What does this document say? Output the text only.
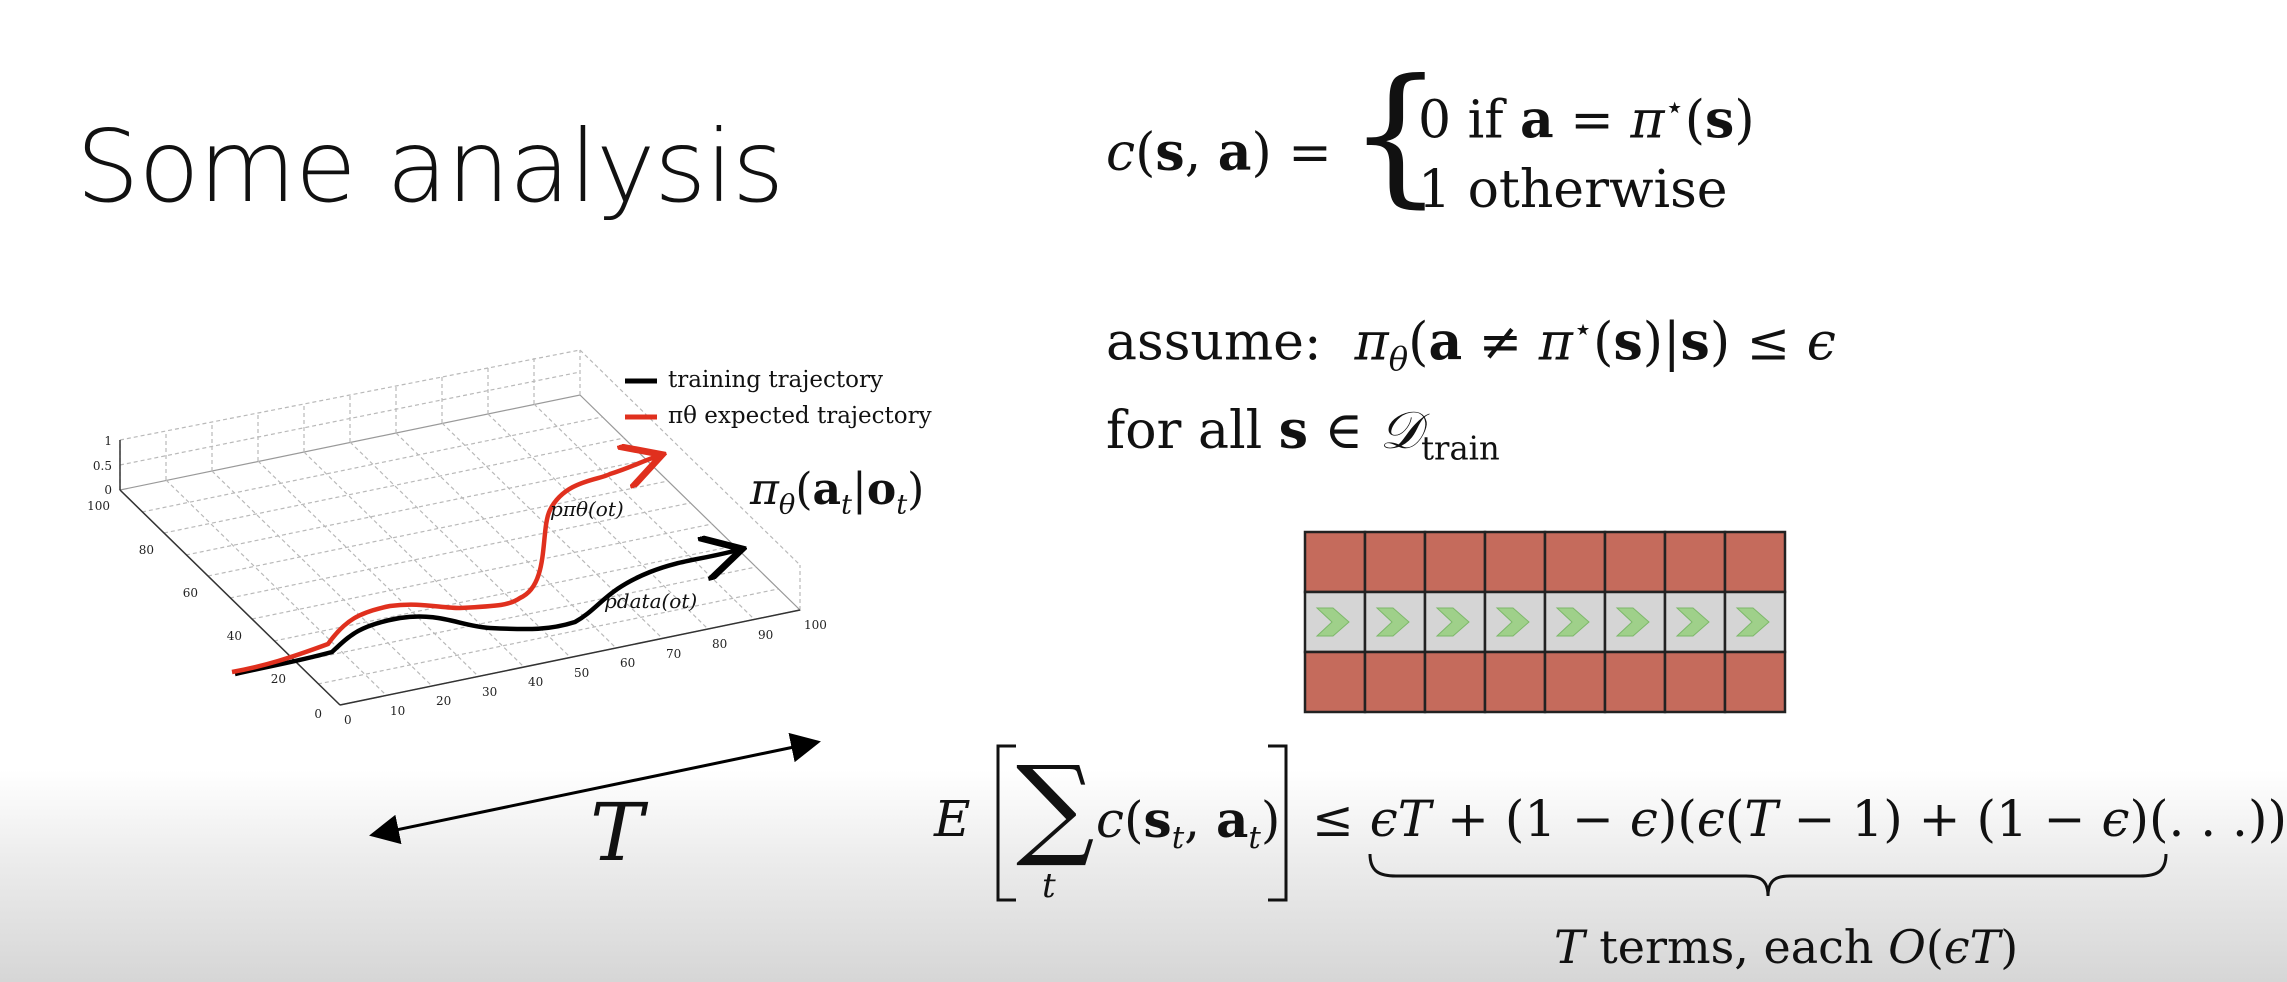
Some analysis	c(s, a) = {
0 if a = π⋆(s)
1 otherwise
assume:  $\pi_\theta(a \ne \pi^⋆(s)|s) \le \epsilon$
for all s ∈ 𝒟$_{train}$
0
0.5
1
100
80
60
40
20
0 0
10
20
30
40
50
60
70
80
90
100
training trajectory
πθ expected trajectory
pπθ(ot)
pdata(ot)
T
$\pi_\theta(a_t|o_t)$
E ∑
t
$c(s_t$, $a_t) \le \epsilon T + (1 - \epsilon)(\epsilon(T - 1) + (1 - \epsilon)$(. . .))
T terms, each O(ϵT)
